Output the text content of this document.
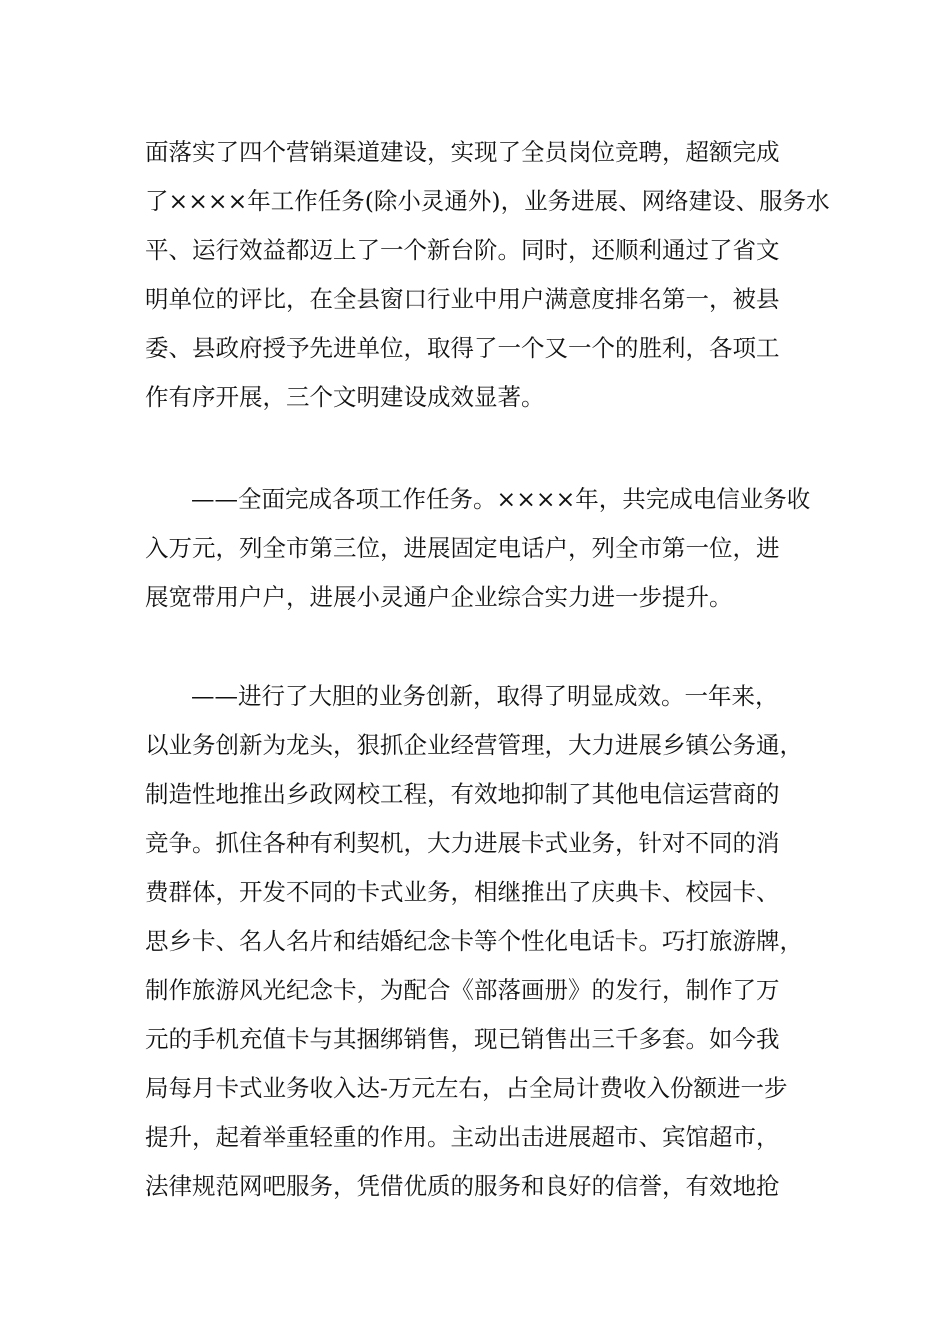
面落实了四个营销渠道建设，实现了全员岗位竞聘，超额完成
了××××年工作任务(除小灵通外)，业务进展、网络建设、服务水
平、运行效益都迈上了一个新台阶。同时，还顺利通过了省文
明单位的评比，在全县窗口行业中用户满意度排名第一，被县
委、县政府授予先进单位，取得了一个又一个的胜利，各项工
作有序开展，三个文明建设成效显著。
——全面完成各项工作任务。××××年，共完成电信业务收
入万元，列全市第三位，进展固定电话户，列全市第一位，进
展宽带用户户，进展小灵通户企业综合实力进一步提升。
——进行了大胆的业务创新，取得了明显成效。一年来，
以业务创新为龙头，狠抓企业经营管理，大力进展乡镇公务通，
制造性地推出乡政网校工程，有效地抑制了其他电信运营商的
竞争。抓住各种有利契机，大力进展卡式业务，针对不同的消
费群体，开发不同的卡式业务，相继推出了庆典卡、校园卡、
思乡卡、名人名片和结婚纪念卡等个性化电话卡。巧打旅游牌，
制作旅游风光纪念卡，为配合《部落画册》的发行，制作了万
元的手机充值卡与其捆绑销售，现已销售出三千多套。如今我
局每月卡式业务收入达-万元左右，占全局计费收入份额进一步
提升，起着举重轻重的作用。主动出击进展超市、宾馆超市，
法律规范网吧服务，凭借优质的服务和良好的信誉，有效地抢
